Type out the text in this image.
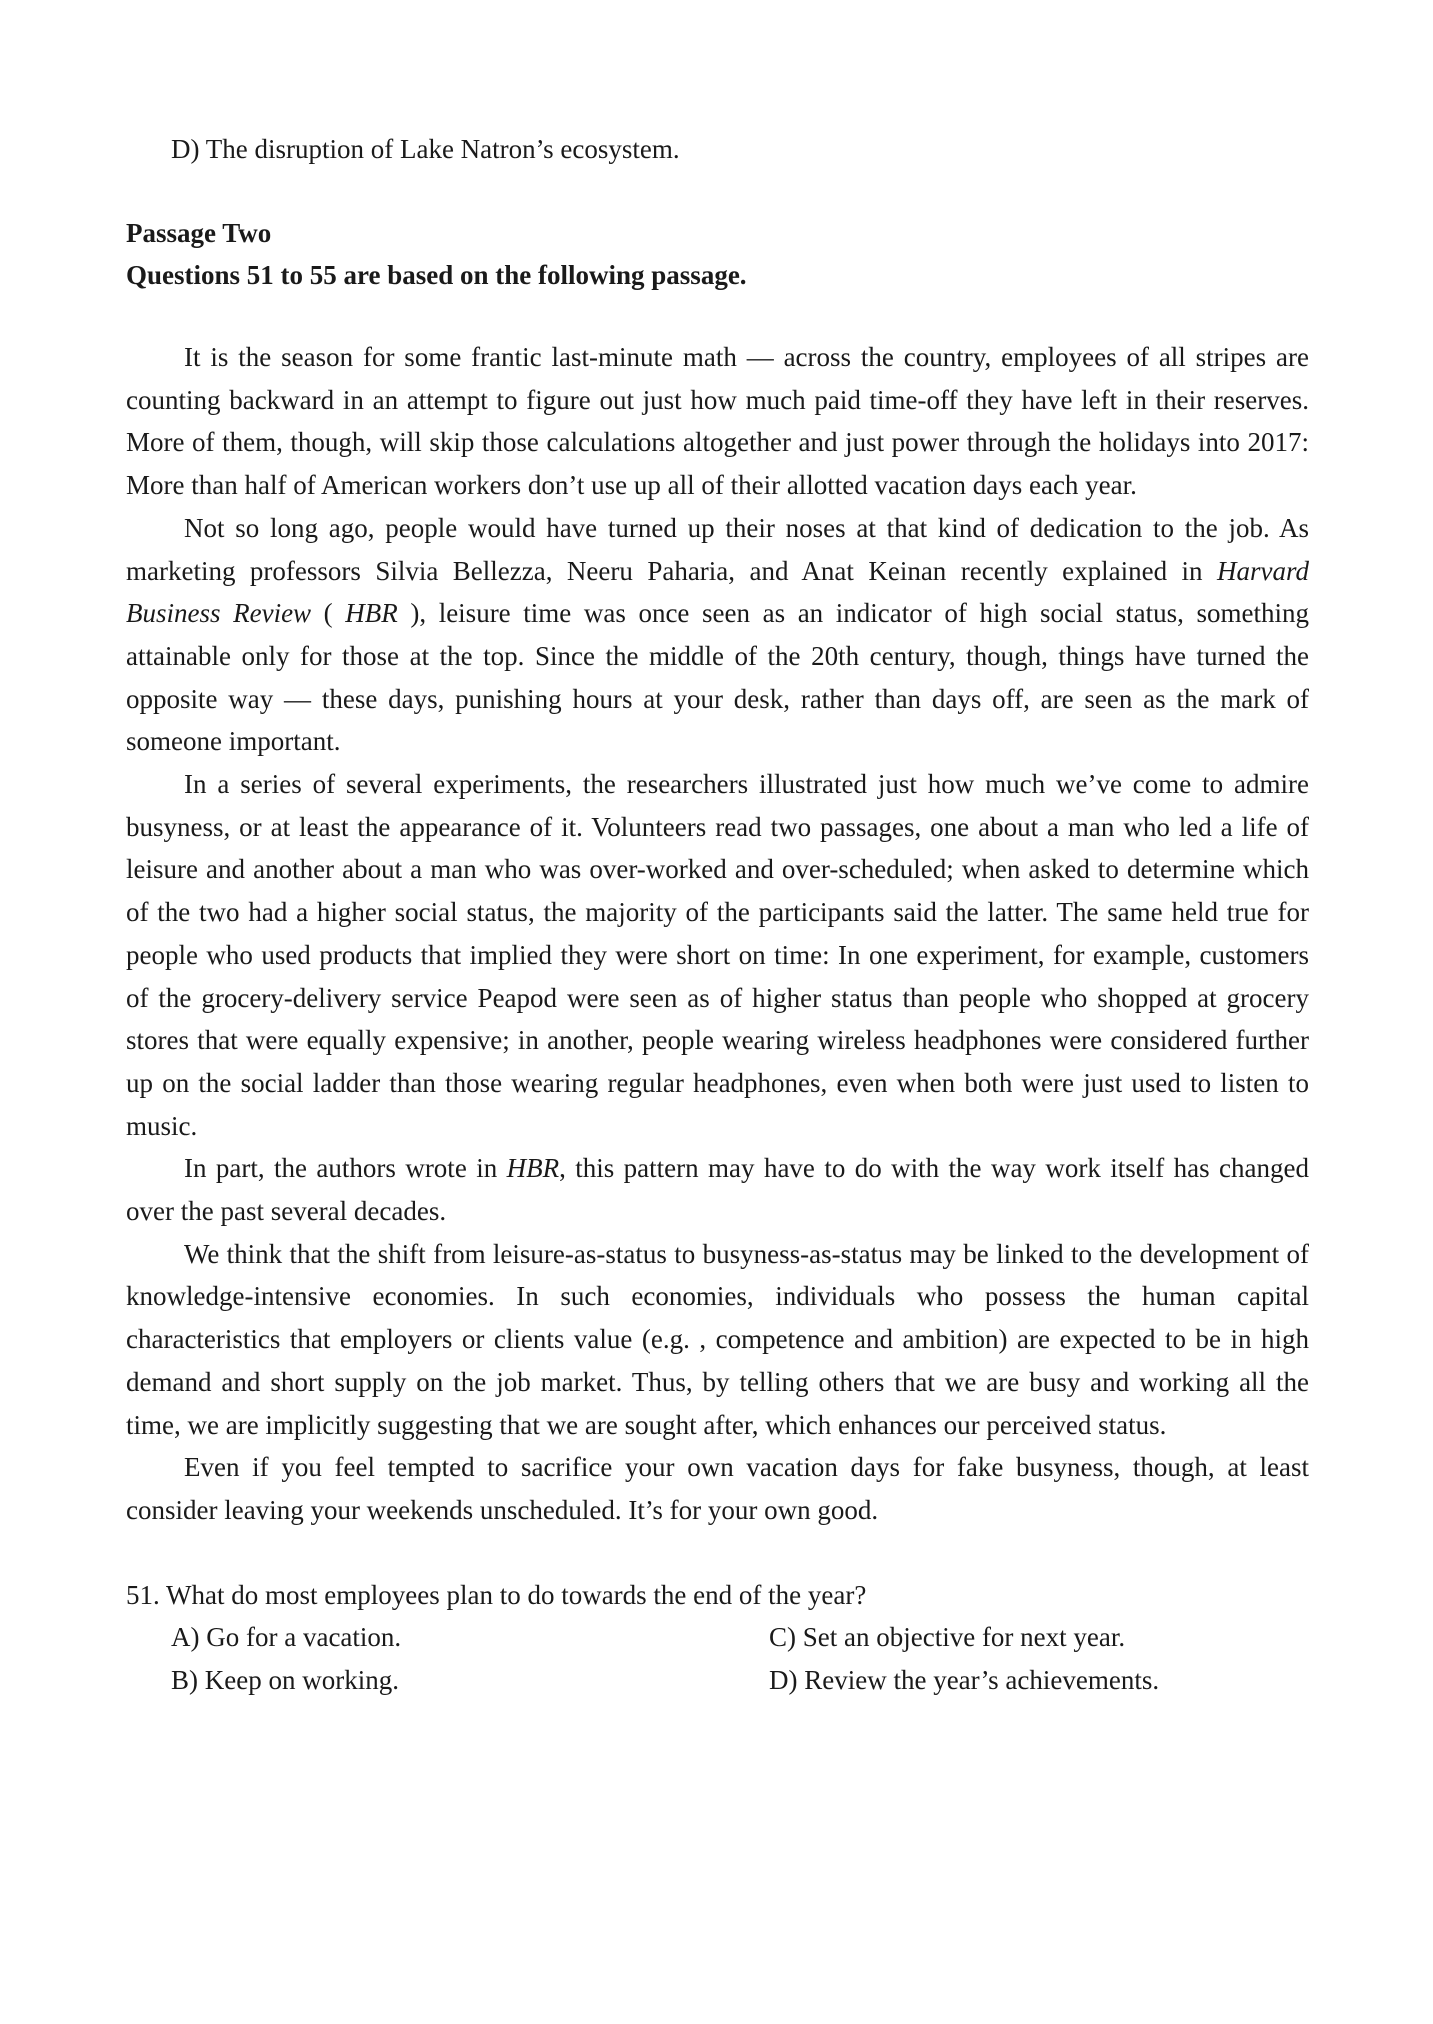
D) The disruption of Lake Natron’s ecosystem.
Passage Two
Questions 51 to 55 are based on the following passage.

It is the season for some frantic last-minute math — across the country, employees of all stripes are counting backward in an attempt to figure out just how much paid time-off they have left in their reserves. More of them, though, will skip those calculations altogether and just power through the holidays into 2017: More than half of American workers don’t use up all of their allotted vacation days each year.

Not so long ago, people would have turned up their noses at that kind of dedication to the job. As marketing professors Silvia Bellezza, Neeru Paharia, and Anat Keinan recently explained in Harvard Business Review ( HBR ), leisure time was once seen as an indicator of high social status, something attainable only for those at the top. Since the middle of the 20th century, though, things have turned the opposite way — these days, punishing hours at your desk, rather than days off, are seen as the mark of someone important.

In a series of several experiments, the researchers illustrated just how much we’ve come to admire busyness, or at least the appearance of it. Volunteers read two passages, one about a man who led a life of leisure and another about a man who was over-worked and over-scheduled; when asked to determine which of the two had a higher social status, the majority of the participants said the latter. The same held true for people who used products that implied they were short on time: In one experiment, for example, customers of the grocery-delivery service Peapod were seen as of higher status than people who shopped at grocery stores that were equally expensive; in another, people wearing wireless headphones were considered further up on the social ladder than those wearing regular headphones, even when both were just used to listen to music.

In part, the authors wrote in HBR, this pattern may have to do with the way work itself has changed over the past several decades.

We think that the shift from leisure-as-status to busyness-as-status may be linked to the development of knowledge-intensive economies. In such economies, individuals who possess the human capital characteristics that employers or clients value (e.g. , competence and ambition) are expected to be in high demand and short supply on the job market. Thus, by telling others that we are busy and working all the time, we are implicitly suggesting that we are sought after, which enhances our perceived status.

Even if you feel tempted to sacrifice your own vacation days for fake busyness, though, at least consider leaving your weekends unscheduled. It’s for your own good.

51. What do most employees plan to do towards the end of the year?
A) Go for a vacation.	C) Set an objective for next year.
B) Keep on working.	D) Review the year’s achievements.
